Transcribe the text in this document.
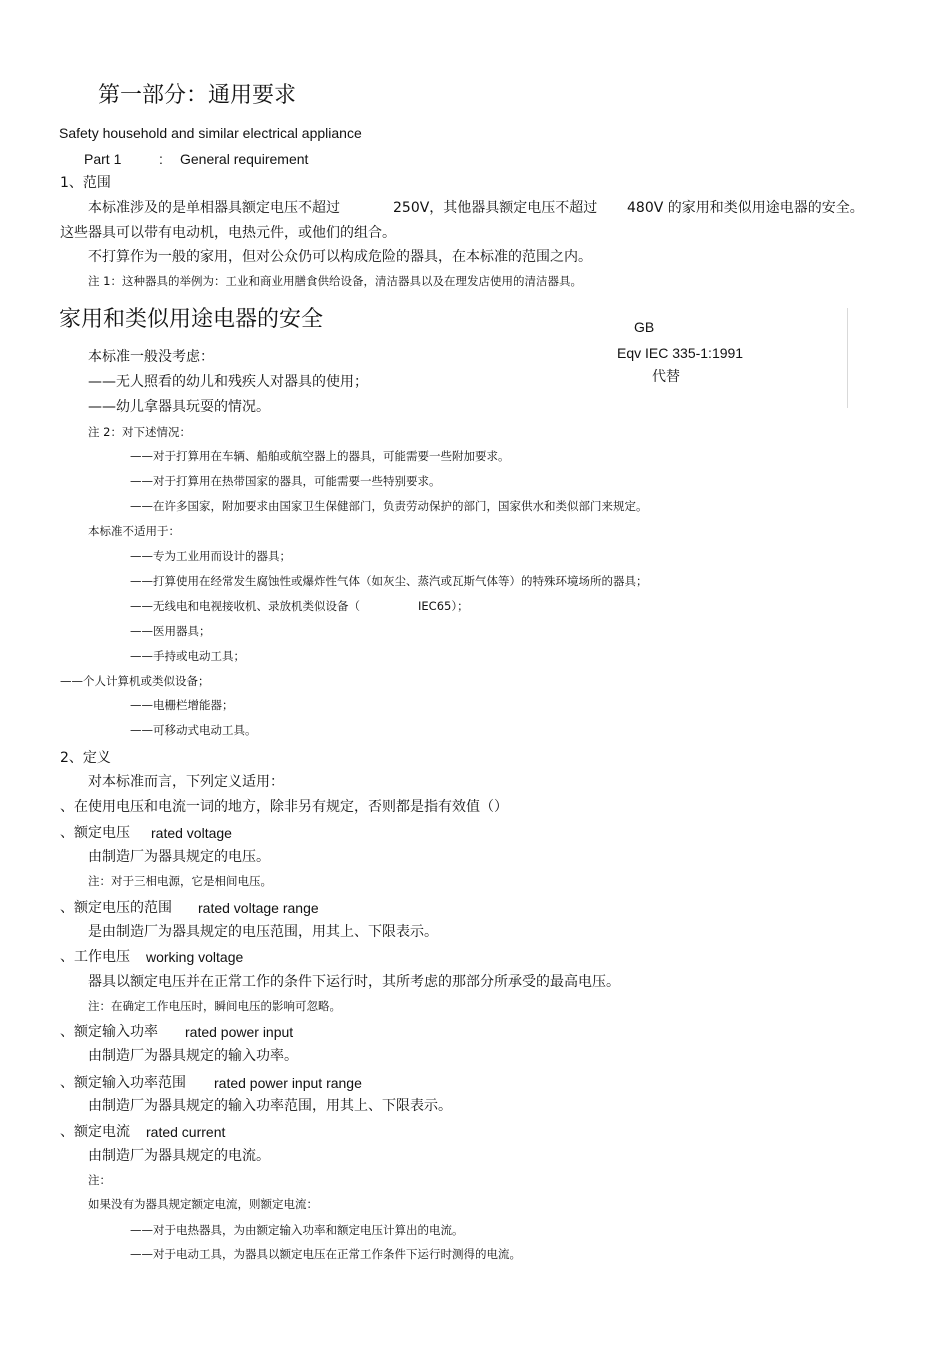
第一部分：通用要求
Safety household and similar electrical appliance
Part 1	: General requirement
1、范围
本标准涉及的是单相器具额定电压不超过	250V，其他器具额定电压不超过 480V 的家用和类似用途电器的安全。
这些器具可以带有电动机，电热元件，或他们的组合。
不打算作为一般的家用，但对公众仍可以构成危险的器具，在本标准的范围之内。
注 1：这种器具的举例为：工业和商业用膳食供给设备，清洁器具以及在理发店使用的清洁器具。
家用和类似用途电器的安全	GB
Eqv IEC 335-1:1991
代替
本标准一般没考虑：
——无人照看的幼儿和残疾人对器具的使用；
——幼儿拿器具玩耍的情况。
注 2：对下述情况：
——对于打算用在车辆、船舶或航空器上的器具，可能需要一些附加要求。
——对于打算用在热带国家的器具，可能需要一些特别要求。
——在许多国家，附加要求由国家卫生保健部门，负责劳动保护的部门，国家供水和类似部门来规定。
本标准不适用于：
——专为工业用而设计的器具；
——打算使用在经常发生腐蚀性或爆炸性气体（如灰尘、蒸汽或瓦斯气体等）的特殊环境场所的器具；
——无线电和电视接收机、录放机类似设备（	IEC65）；
——医用器具；
——手持或电动工具；
——个人计算机或类似设备；
——电栅栏增能器；
——可移动式电动工具。
2、定义
对本标准而言，下列定义适用：
、在使用电压和电流一词的地方，除非另有规定，否则都是指有效值（）
、额定电压 rated voltage
由制造厂为器具规定的电压。
注：对于三相电源，它是相间电压。
、额定电压的范围 rated voltage range
是由制造厂为器具规定的电压范围，用其上、下限表示。
、工作电压 working voltage
器具以额定电压并在正常工作的条件下运行时，其所考虑的那部分所承受的最高电压。
注：在确定工作电压时，瞬间电压的影响可忽略。
、额定输入功率 rated power input
由制造厂为器具规定的输入功率。
、额定输入功率范围 rated power input range
由制造厂为器具规定的输入功率范围，用其上、下限表示。
、额定电流 rated current
由制造厂为器具规定的电流。
注：
如果没有为器具规定额定电流，则额定电流：
——对于电热器具，为由额定输入功率和额定电压计算出的电流。
——对于电动工具，为器具以额定电压在正常工作条件下运行时测得的电流。
